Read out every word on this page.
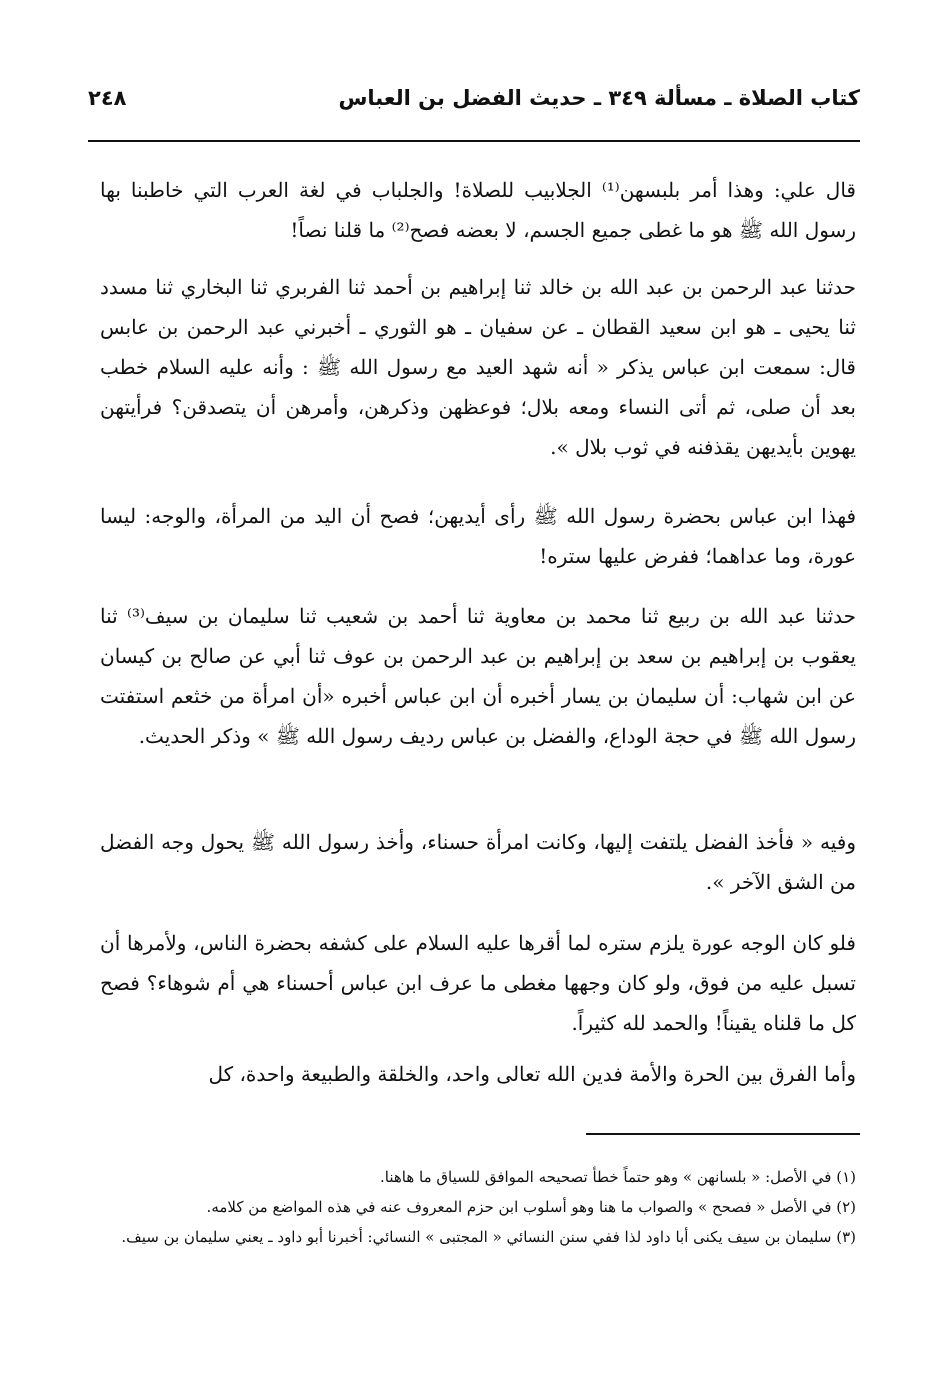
كتاب الصلاة ـ مسألة ٣٤٩ ـ حديث الفضل بن العباس
٢٤٨

قال علي: وهذا أمر بلبسهن⁽¹⁾ الجلابيب للصلاة! والجلباب في لغة العرب التي خاطبنا بها رسول الله ﷺ هو ما غطى جميع الجسم، لا بعضه فصح⁽²⁾ ما قلنا نصاً!

حدثنا عبد الرحمن بن عبد الله بن خالد ثنا إبراهيم بن أحمد ثنا الفربري ثنا البخاري ثنا مسدد ثنا يحيى ـ هو ابن سعيد القطان ـ عن سفيان ـ هو الثوري ـ أخبرني عبد الرحمن بن عابس قال: سمعت ابن عباس يذكر « أنه شهد العيد مع رسول الله ﷺ : وأنه عليه السلام خطب بعد أن صلى، ثم أتى النساء ومعه بلال؛ فوعظهن وذكرهن، وأمرهن أن يتصدقن؟ فرأيتهن يهوين بأيديهن يقذفنه في ثوب بلال ».

فهذا ابن عباس بحضرة رسول الله ﷺ رأى أيديهن؛ فصح أن اليد من المرأة، والوجه: ليسا عورة، وما عداهما؛ ففرض عليها ستره!

حدثنا عبد الله بن ربيع ثنا محمد بن معاوية ثنا أحمد بن شعيب ثنا سليمان بن سيف⁽³⁾ ثنا يعقوب بن إبراهيم بن سعد بن إبراهيم بن عبد الرحمن بن عوف ثنا أبي عن صالح بن كيسان عن ابن شهاب: أن سليمان بن يسار أخبره أن ابن عباس أخبره «أن امرأة من خثعم استفتت رسول الله ﷺ في حجة الوداع، والفضل بن عباس رديف رسول الله ﷺ » وذكر الحديث.

وفيه « فأخذ الفضل يلتفت إليها، وكانت امرأة حسناء، وأخذ رسول الله ﷺ يحول وجه الفضل من الشق الآخر ».

فلو كان الوجه عورة يلزم ستره لما أقرها عليه السلام على كشفه بحضرة الناس، ولأمرها أن تسبل عليه من فوق، ولو كان وجهها مغطى ما عرف ابن عباس أحسناء هي أم شوهاء؟ فصح كل ما قلناه يقيناً! والحمد لله كثيراً.

وأما الفرق بين الحرة والأمة فدين الله تعالى واحد، والخلقة والطبيعة واحدة، كل

(١) في الأصل: « بلسانهن » وهو حتماً خطأ تصحيحه الموافق للسياق ما هاهنا.

(٢) في الأصل « فصحح » والصواب ما هنا وهو أسلوب ابن حزم المعروف عنه في هذه المواضع من كلامه.

(٣) سليمان بن سيف يكنى أبا داود لذا ففي سنن النسائي « المجتبى » النسائي: أخبرنا أبو داود ـ يعني سليمان بن سيف.
